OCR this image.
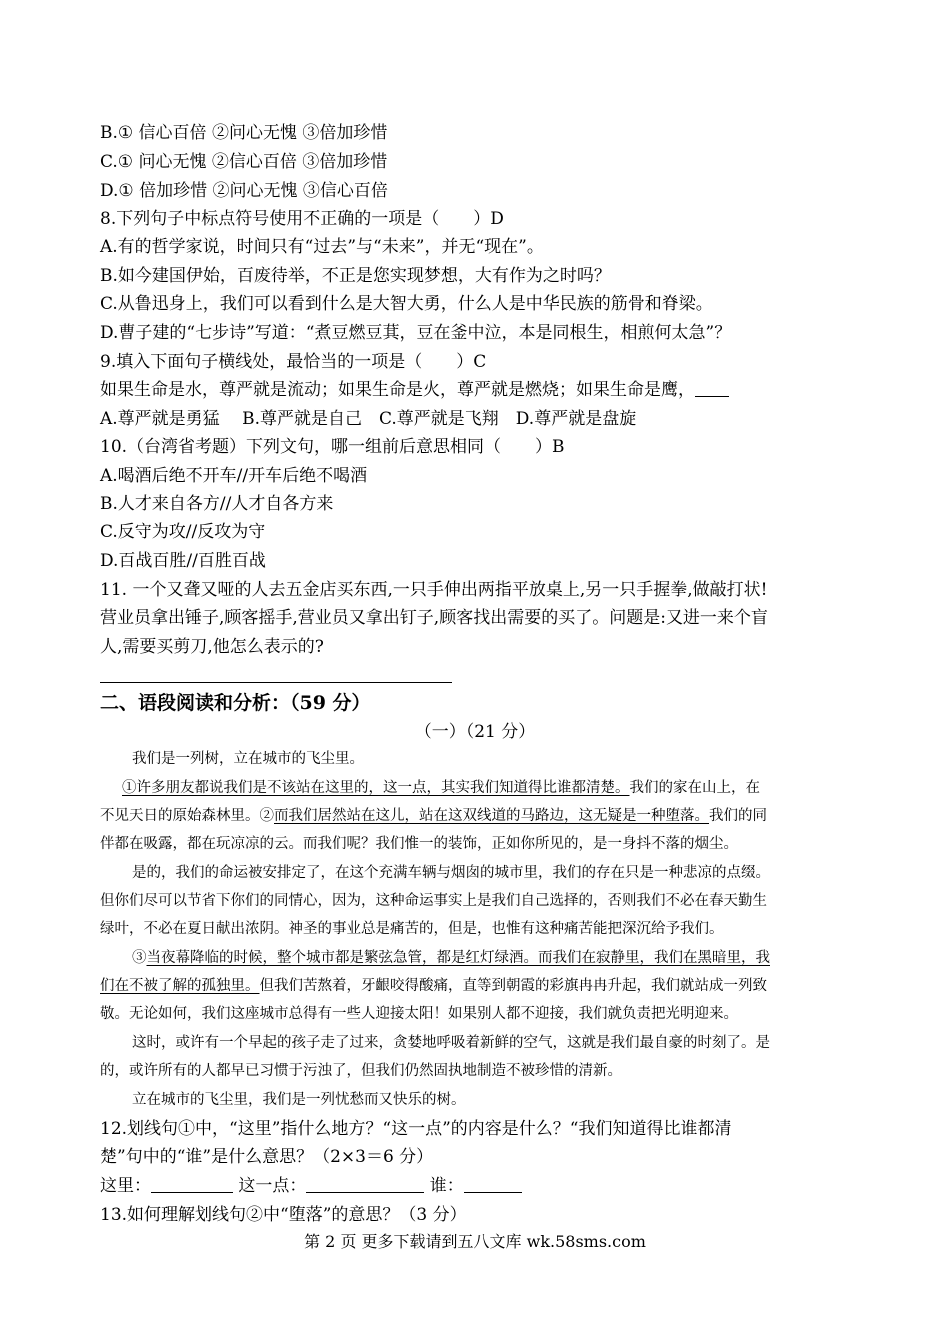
B.① 信心百倍 ②问心无愧 ③倍加珍惜
C.① 问心无愧 ②信心百倍 ③倍加珍惜
D.① 倍加珍惜 ②问心无愧 ③信心百倍
8.下列句子中标点符号使用不正确的一项是（　　）D
A.有的哲学家说，时间只有“过去”与“未来”，并无“现在”。
B.如今建国伊始，百废待举，不正是您实现梦想，大有作为之时吗？
C.从鲁迅身上，我们可以看到什么是大智大勇，什么人是中华民族的筋骨和脊梁。
D.曹子建的“七步诗”写道：“煮豆燃豆萁，豆在釜中泣，本是同根生，相煎何太急”？
9.填入下面句子横线处，最恰当的一项是（　　）C
如果生命是水，尊严就是流动；如果生命是火，尊严就是燃烧；如果生命是鹰，
A.尊严就是勇猛　 B.尊严就是自己　C.尊严就是飞翔　D.尊严就是盘旋
10.（台湾省考题）下列文句，哪一组前后意思相同（　　）B
A.喝酒后绝不开车//开车后绝不喝酒
B.人才来自各方//人才自各方来
C.反守为攻//反攻为守
D.百战百胜//百胜百战
11. 一个又聋又哑的人去五金店买东西,一只手伸出两指平放桌上,另一只手握拳,做敲打状!
营业员拿出锤子,顾客摇手,营业员又拿出钉子,顾客找出需要的买了。问题是:又进一来个盲
人,需要买剪刀,他怎么表示的?
二、语段阅读和分析：（59 分）
（一）（21 分）
我们是一列树，立在城市的飞尘里。
①许多朋友都说我们是不该站在这里的，这一点，其实我们知道得比谁都清楚。我们的家在山上，在
不见天日的原始森林里。②而我们居然站在这儿，站在这双线道的马路边，这无疑是一种堕落。我们的同
伴都在吸露，都在玩凉凉的云。而我们呢？我们惟一的装饰，正如你所见的，是一身抖不落的烟尘。
是的，我们的命运被安排定了，在这个充满车辆与烟囱的城市里，我们的存在只是一种悲凉的点缀。
但你们尽可以节省下你们的同情心，因为，这种命运事实上是我们自己选择的，否则我们不必在春天勤生
绿叶，不必在夏日献出浓阴。神圣的事业总是痛苦的，但是，也惟有这种痛苦能把深沉给予我们。
③当夜幕降临的时候，整个城市都是繁弦急管，都是红灯绿酒。而我们在寂静里，我们在黑暗里，我
们在不被了解的孤独里。但我们苦熬着，牙齦咬得酸痛，直等到朝霞的彩旗冉冉升起，我们就站成一列致
敬。无论如何，我们这座城市总得有一些人迎接太阳！如果别人都不迎接，我们就负责把光明迎来。
这时，或许有一个早起的孩子走了过来，贪婪地呼吸着新鲜的空气，这就是我们最自豪的时刻了。是
的，或许所有的人都早已习惯于污浊了，但我们仍然固执地制造不被珍惜的清新。
立在城市的飞尘里，我们是一列忧愁而又快乐的树。
12.划线句①中，“这里”指什么地方？“这一点”的内容是什么？“我们知道得比谁都清
楚”句中的“谁”是什么意思？（2×3＝6 分）
这里：	这一点：	谁：
13.如何理解划线句②中“堕落”的意思？（3 分）
第 2 页 更多下载请到五八文库 wk.58sms.com
